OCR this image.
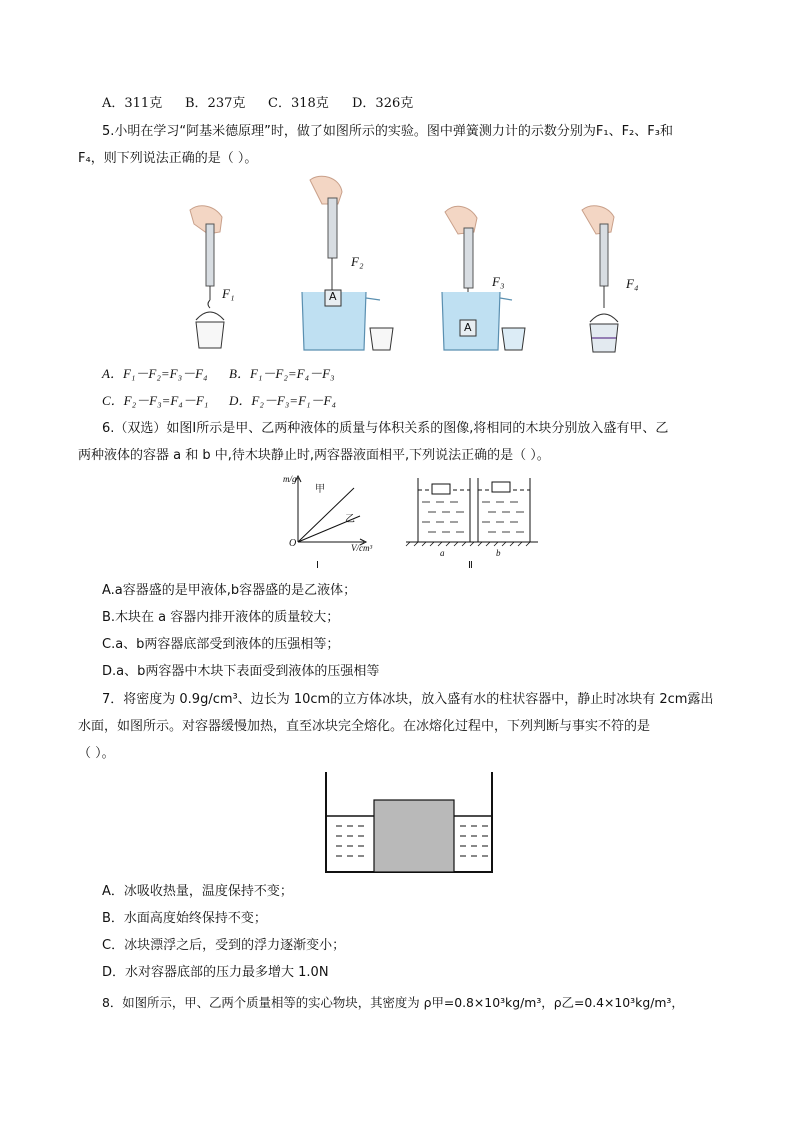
A．311克 B．237克 C．318克 D．326克
5.小明在学习“阿基米德原理”时，做了如图所示的实验。图中弹簧测力计的示数分别为F₁、F₂、F₃和
F₄，则下列说法正确的是（ ）。
F₁
F₂
F₃	F₄
A
A
A．F₁－F₂=F₃－F₄ B．F₁－F₂=F₄－F₃
C．F₂－F₃=F₄－F₁ D．F₂－F₃=F₁－F₄
6.（双选）如图Ⅰ所示是甲、乙两种液体的质量与体积关系的图像,将相同的木块分别放入盛有甲、乙
两种液体的容器 a 和 b 中,待木块静止时,两容器液面相平,下列说法正确的是（ ）。
m/g
甲
乙
O	V/cm³	a	b
Ⅰ	Ⅱ
A.a容器盛的是甲液体,b容器盛的是乙液体；
B.木块在 a 容器内排开液体的质量较大；
C.a、b两容器底部受到液体的压强相等；
D.a、b两容器中木块下表面受到液体的压强相等
7．将密度为 0.9g/cm³、边长为 10cm的立方体冰块，放入盛有水的柱状容器中，静止时冰块有 2cm露出
水面，如图所示。对容器缓慢加热，直至冰块完全熔化。在冰熔化过程中，下列判断与事实不符的是
（ ）。
A．冰吸收热量，温度保持不变；
B．水面高度始终保持不变；
C．冰块漂浮之后，受到的浮力逐渐变小；
D．水对容器底部的压力最多增大 1.0N
8．如图所示，甲、乙两个质量相等的实心物块，其密度为 ρ甲=0.8×10³kg/m³，ρ乙=0.4×10³kg/m³，
